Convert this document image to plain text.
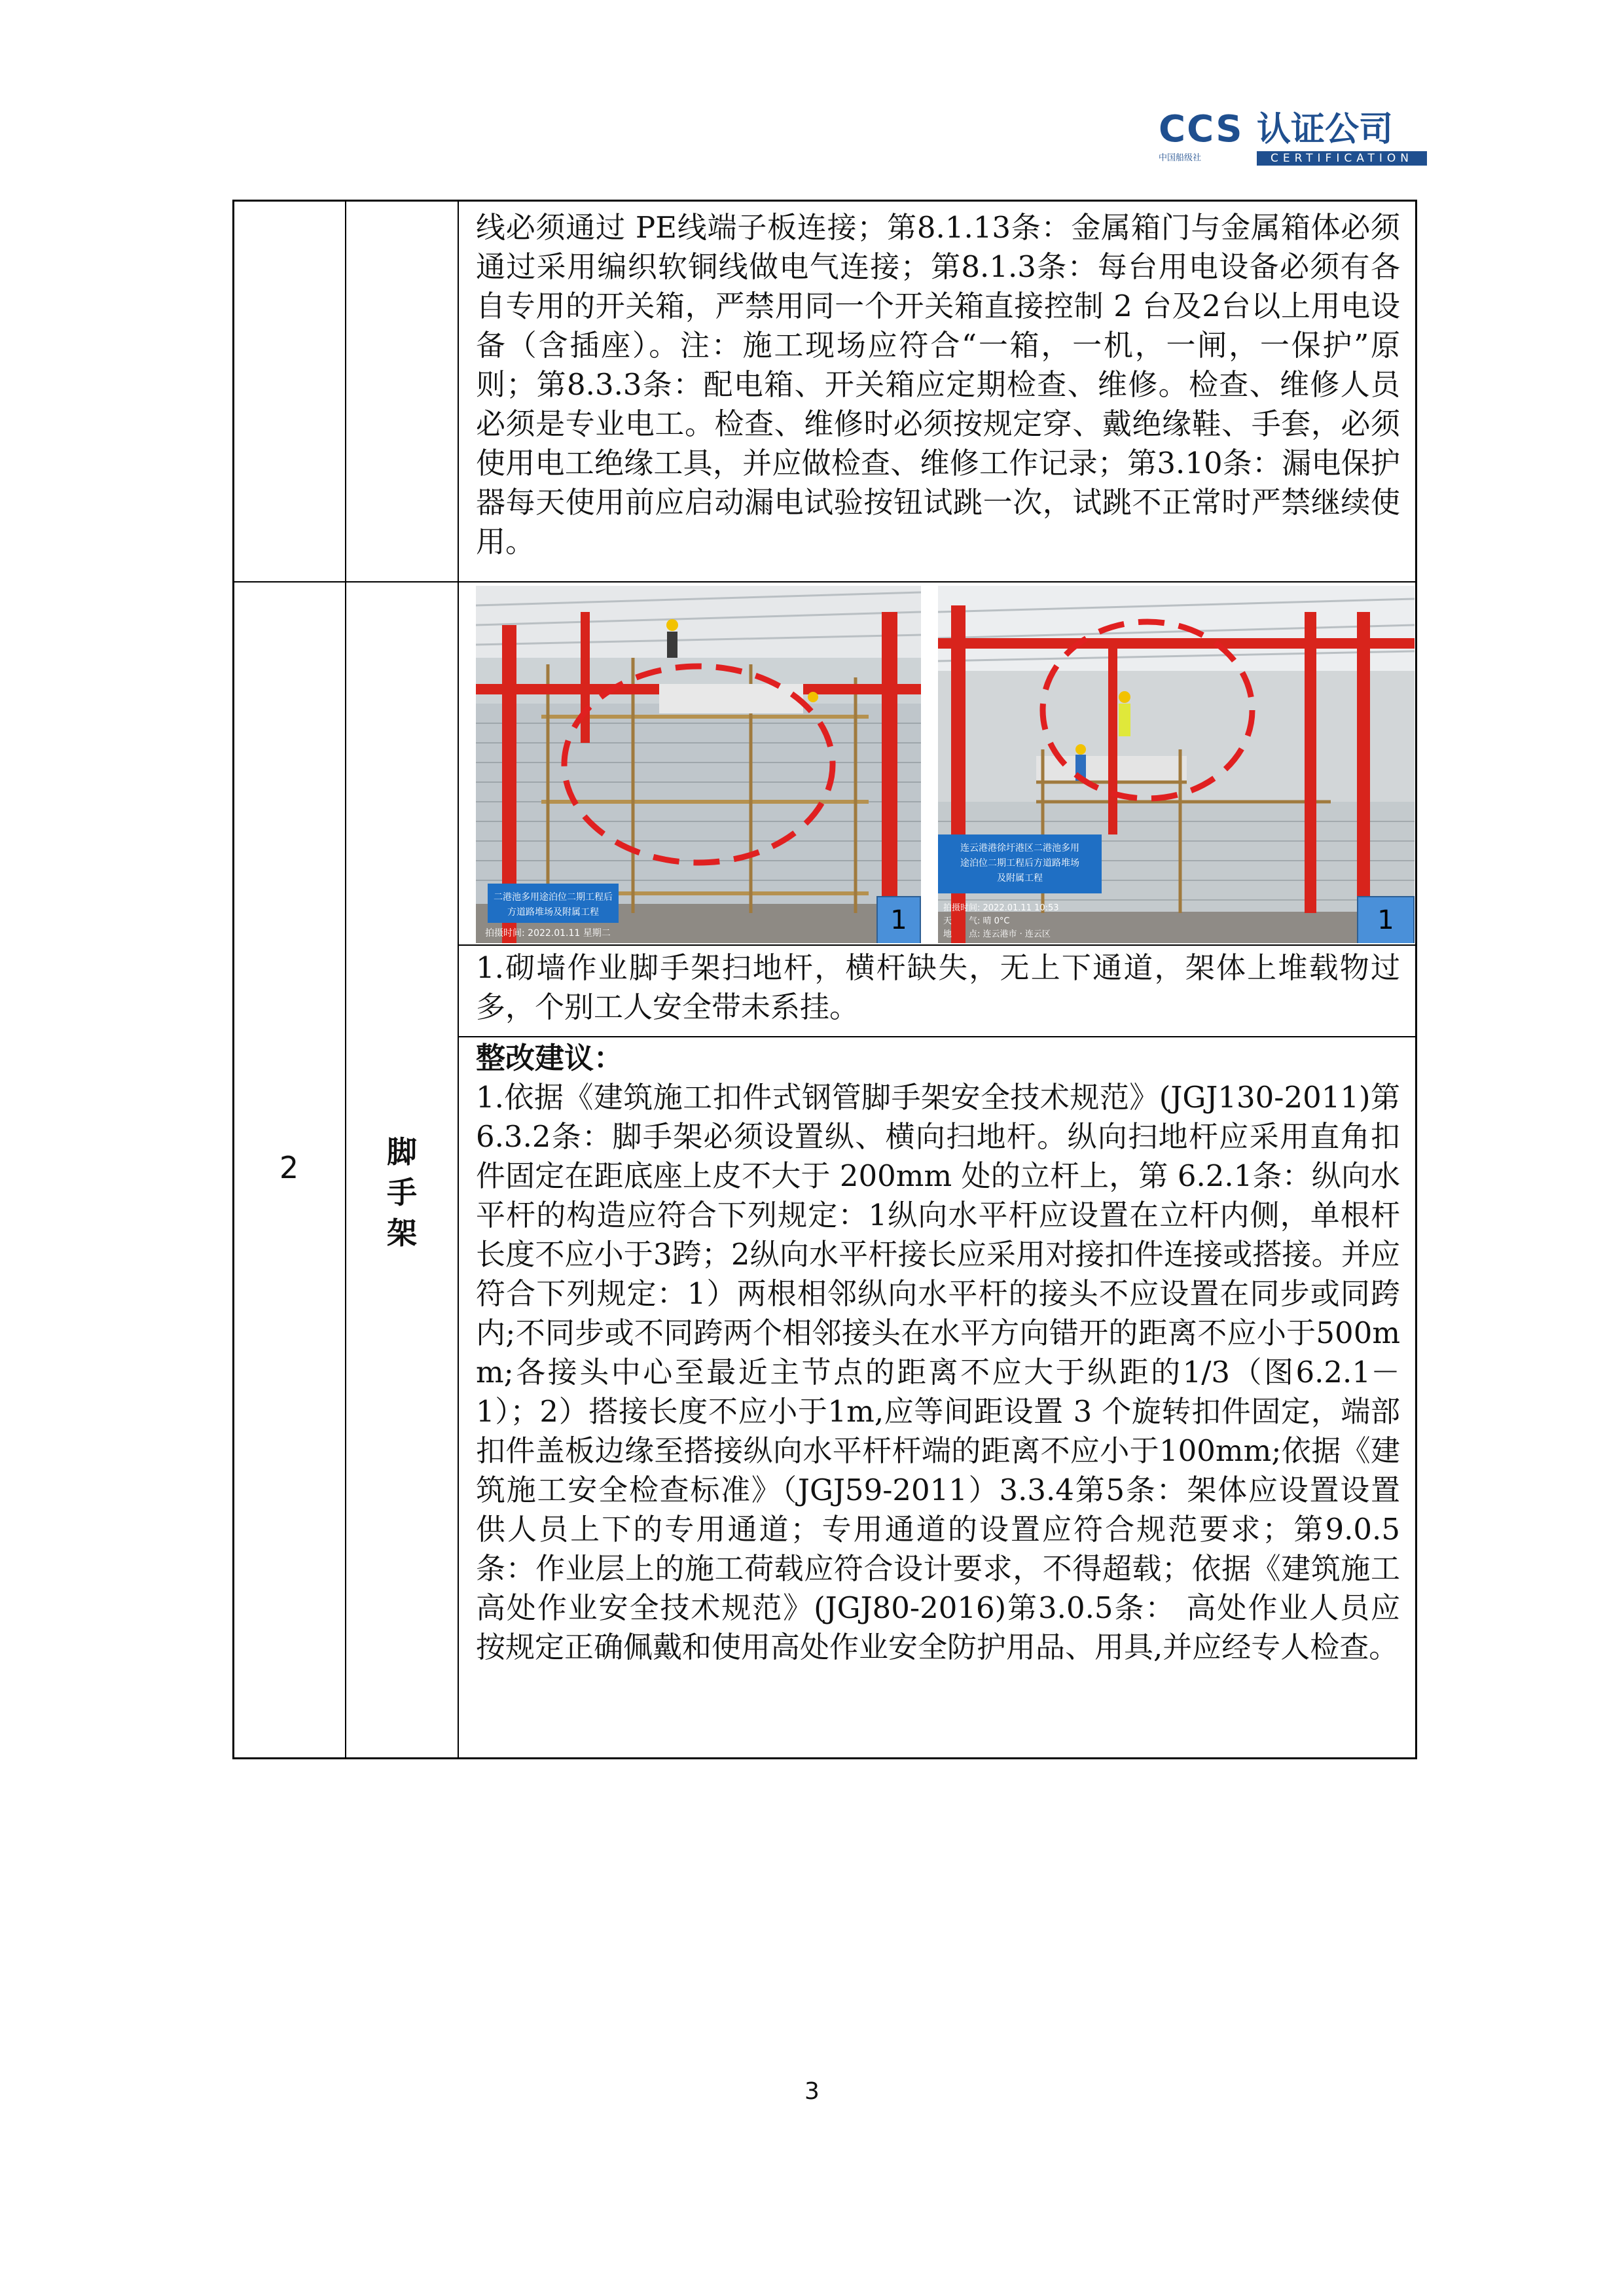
CCS 认证公司
中国船级社	CERTIFICATION
线必须通过 PE线端子板连接；第8.1.13条：金属箱门与金属箱体必须通过采用编织软铜线做电气连接；第8.1.3条：每台用电设备必须有各自专用的开关箱，严禁用同一个开关箱直接控制 2 台及2台以上用电设备（含插座）。注：施工现场应符合“一箱，一机，一闸，一保护”原则；第8.3.3条：配电箱、开关箱应定期检查、维修。检查、维修人员必须是专业电工。检查、维修时必须按规定穿、戴绝缘鞋、手套，必须使用电工绝缘工具，并应做检查、维修工作记录；第3.10条：漏电保护器每天使用前应启动漏电试验按钮试跳一次，试跳不正常时严禁继续使用。
2	脚手架
二港池多用途泊位二期工程后
方道路堆场及附属工程
拍摄时间: 2022.01.11 星期二	1
连云港港徐圩港区二港池多用
途泊位二期工程后方道路堆场
及附属工程
拍摄时间: 2022.01.11 10:53
天　　气: 晴 0°C
地　　点: 连云港市 · 连云区	1
1.砌墙作业脚手架扫地杆，横杆缺失，无上下通道，架体上堆载物过多，个别工人安全带未系挂。
整改建议：
1.依据《建筑施工扣件式钢管脚手架安全技术规范》(JGJ130-2011)第6.3.2条：脚手架必须设置纵、横向扫地杆。纵向扫地杆应采用直角扣件固定在距底座上皮不大于 200mm 处的立杆上，第 6.2.1条：纵向水平杆的构造应符合下列规定：1纵向水平杆应设置在立杆内侧，单根杆长度不应小于3跨；2纵向水平杆接长应采用对接扣件连接或搭接。并应符合下列规定：1）两根相邻纵向水平杆的接头不应设置在同步或同跨内;不同步或不同跨两个相邻接头在水平方向错开的距离不应小于500mm;各接头中心至最近主节点的距离不应大于纵距的1/3（图6.2.1－1）；2）搭接长度不应小于1m,应等间距设置 3 个旋转扣件固定，端部扣件盖板边缘至搭接纵向水平杆杆端的距离不应小于100mm;依据《建筑施工安全检查标准》（JGJ59-2011）3.3.4第5条：架体应设置设置供人员上下的专用通道；专用通道的设置应符合规范要求；第9.0.5 条：作业层上的施工荷载应符合设计要求，不得超载；依据《建筑施工高处作业安全技术规范》(JGJ80-2016)第3.0.5条： 高处作业人员应按规定正确佩戴和使用高处作业安全防护用品、用具,并应经专人检查。
3
